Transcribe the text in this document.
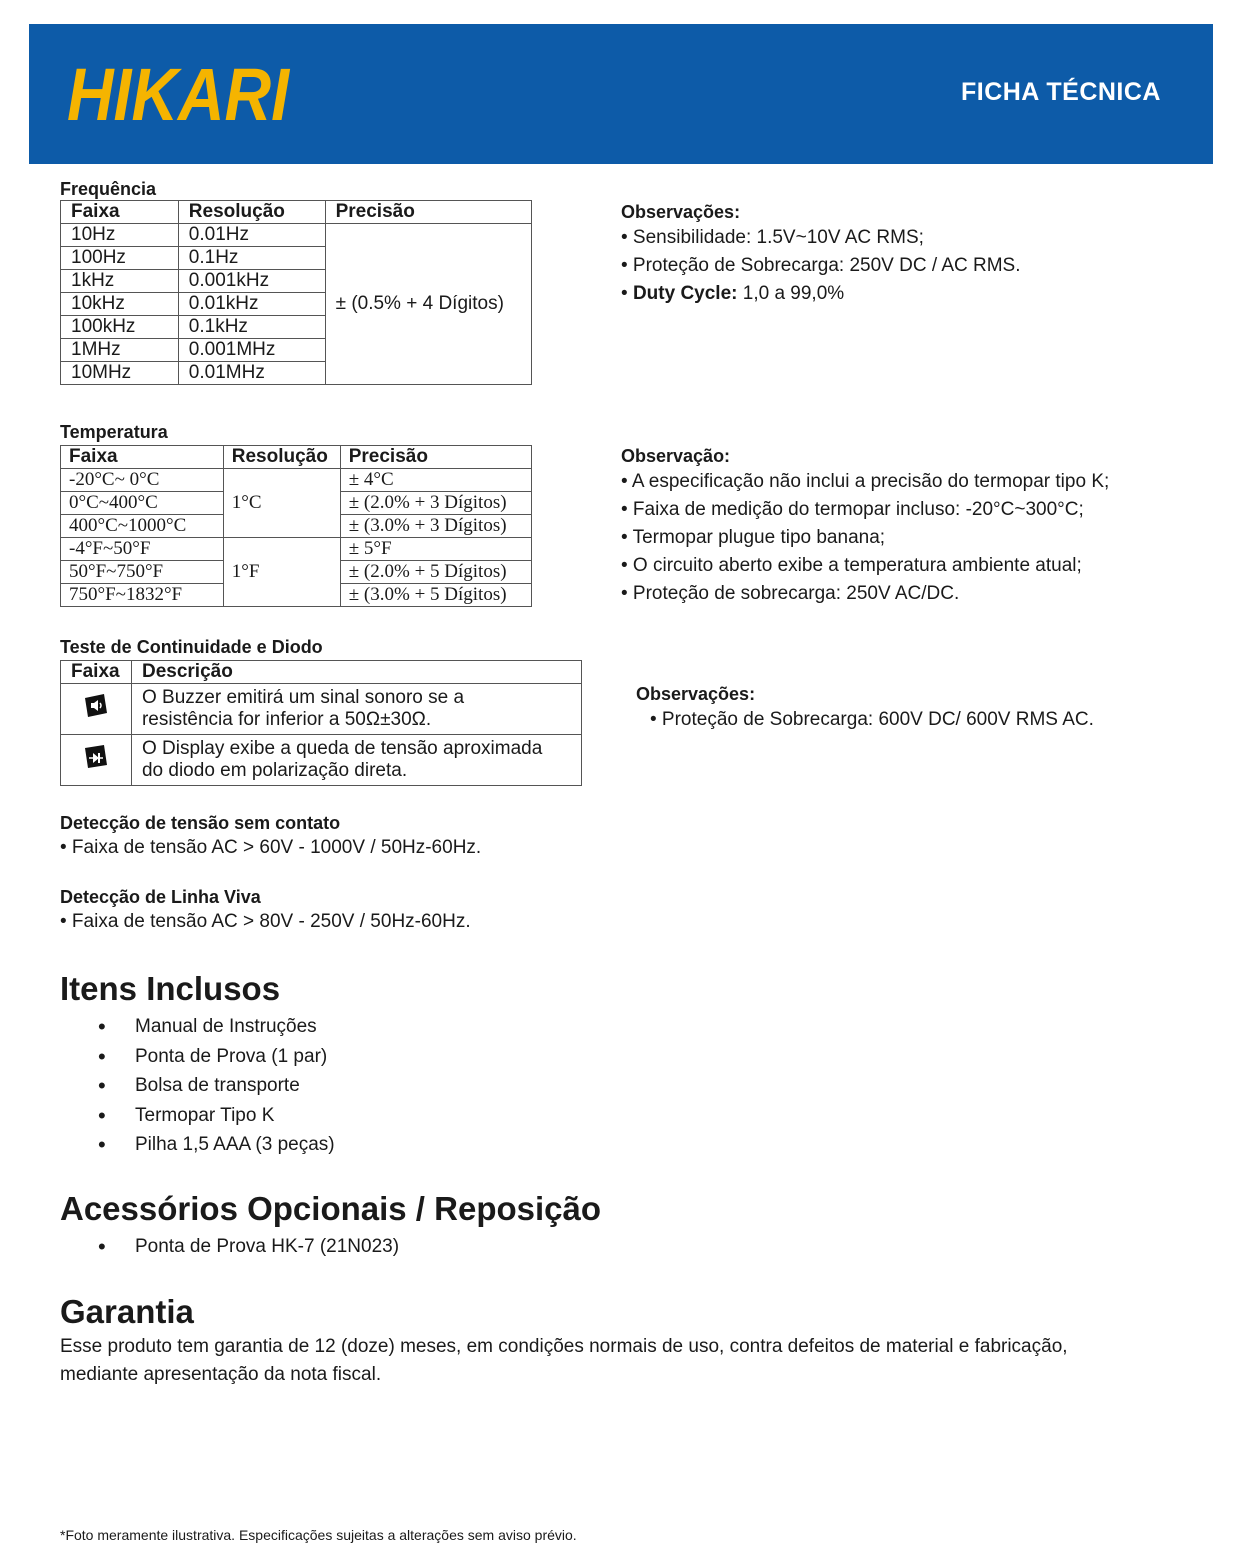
HIKARI	FICHA TÉCNICA
Frequência
Faixa	Resolução	Precisão
10Hz	0.01Hz	± (0.5% + 4 Dígitos)
100Hz	0.1Hz	
1kHz	0.001kHz	
10kHz	0.01kHz	
100kHz	0.1kHz	
1MHz	0.001MHz	
10MHz	0.01MHz	
Observações:
• Sensibilidade: 1.5V~10V AC RMS;
• Proteção de Sobrecarga: 250V DC / AC RMS.
• Duty Cycle: 1,0 a 99,0%
Temperatura
Faixa	Resolução	Precisão
-20°C~ 0°C	1°C	± 4°C
0°C~400°C		± (2.0% + 3 Dígitos)
400°C~1000°C		± (3.0% + 3 Dígitos)
-4°F~50°F	1°F	± 5°F
50°F~750°F		± (2.0% + 5 Dígitos)
750°F~1832°F		± (3.0% + 5 Dígitos)
Observação:
• A especificação não inclui a precisão do termopar tipo K;
• Faixa de medição do termopar incluso: -20°C~300°C;
• Termopar plugue tipo banana;
• O circuito aberto exibe a temperatura ambiente atual;
• Proteção de sobrecarga: 250V AC/DC.
Teste de Continuidade e Diodo
Faixa	Descrição

O Buzzer emitirá um sinal sonoro se a
resistência for inferior a 50Ω±30Ω.

O Display exibe a queda de tensão aproximada
do diodo em polarização direta.
Observações:
• Proteção de Sobrecarga: 600V DC/ 600V RMS AC.
Detecção de tensão sem contato
• Faixa de tensão AC > 60V - 1000V / 50Hz-60Hz.
Detecção de Linha Viva
• Faixa de tensão AC > 80V - 250V / 50Hz-60Hz.
Itens Inclusos
• Manual de Instruções
• Ponta de Prova (1 par)
• Bolsa de transporte
• Termopar Tipo K
• Pilha 1,5 AAA (3 peças)
Acessórios Opcionais / Reposição
• Ponta de Prova HK-7 (21N023)
Garantia
Esse produto tem garantia de 12 (doze) meses, em condições normais de uso, contra defeitos de material e fabricação,
mediante apresentação da nota fiscal.
*Foto meramente ilustrativa. Especificações sujeitas a alterações sem aviso prévio.
